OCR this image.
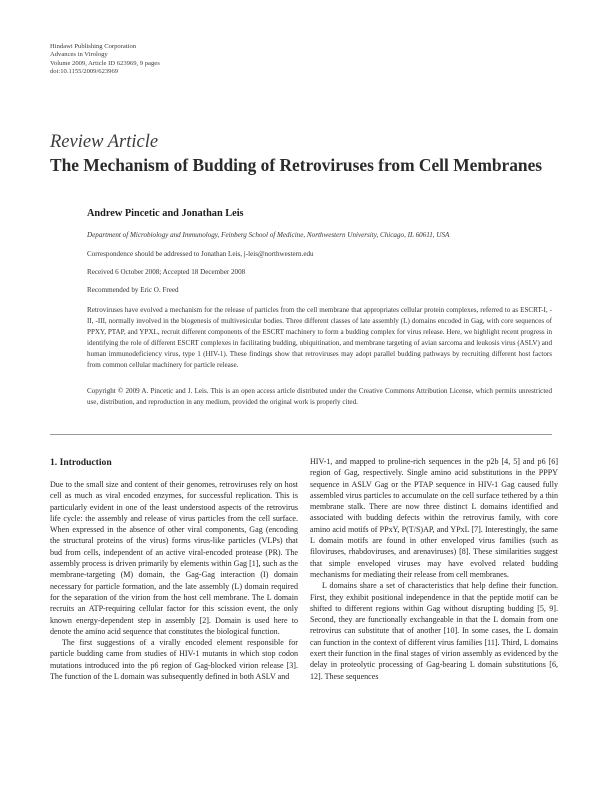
Hindawi Publishing Corporation
Advances in Virology
Volume 2009, Article ID 623969, 9 pages
doi:10.1155/2009/623969
Review Article
The Mechanism of Budding of Retroviruses from Cell Membranes
Andrew Pincetic and Jonathan Leis
Department of Microbiology and Immunology, Feinberg School of Medicine, Northwestern University, Chicago, IL 60611, USA
Correspondence should be addressed to Jonathan Leis, j-leis@northwestern.edu
Received 6 October 2008; Accepted 18 December 2008
Recommended by Eric O. Freed
Retroviruses have evolved a mechanism for the release of particles from the cell membrane that appropriates cellular protein complexes, referred to as ESCRT-I, -II, -III, normally involved in the biogenesis of multivesicular bodies. Three different classes of late assembly (L) domains encoded in Gag, with core sequences of PPXY, PTAP, and YPXL, recruit different components of the ESCRT machinery to form a budding complex for virus release. Here, we highlight recent progress in identifying the role of different ESCRT complexes in facilitating budding, ubiquitination, and membrane targeting of avian sarcoma and leukosis virus (ASLV) and human immunodeficiency virus, type 1 (HIV-1). These findings show that retroviruses may adopt parallel budding pathways by recruiting different host factors from common cellular machinery for particle release.
Copyright © 2009 A. Pincetic and J. Leis. This is an open access article distributed under the Creative Commons Attribution License, which permits unrestricted use, distribution, and reproduction in any medium, provided the original work is properly cited.
1. Introduction

Due to the small size and content of their genomes, retroviruses rely on host cell as much as viral encoded enzymes, for successful replication. This is particularly evident in one of the least understood aspects of the retrovirus life cycle: the assembly and release of virus particles from the cell surface. When expressed in the absence of other viral components, Gag (encoding the structural proteins of the virus) forms virus-like particles (VLPs) that bud from cells, independent of an active viral-encoded protease (PR). The assembly process is driven primarily by elements within Gag [1], such as the membrane-targeting (M) domain, the Gag-Gag interaction (I) domain necessary for particle formation, and the late assembly (L) domain required for the separation of the virion from the host cell membrane. The L domain recruits an ATP-requiring cellular factor for this scission event, the only known energy-dependent step in assembly [2]. Domain is used here to denote the amino acid sequence that constitutes the biological function.

The first suggestions of a virally encoded element responsible for particle budding came from studies of HIV-1 mutants in which stop codon mutations introduced into the p6 region of Gag-blocked virion release [3]. The function of the L domain was subsequently defined in both ASLV and

HIV-1, and mapped to proline-rich sequences in the p2b [4, 5] and p6 [6] region of Gag, respectively. Single amino acid substitutions in the PPPY sequence in ASLV Gag or the PTAP sequence in HIV-1 Gag caused fully assembled virus particles to accumulate on the cell surface tethered by a thin membrane stalk. There are now three distinct L domains identified and associated with budding defects within the retrovirus family, with core amino acid motifs of PPxY, P(T/S)AP, and YPxL [7]. Interestingly, the same L domain motifs are found in other enveloped virus families (such as filoviruses, rhabdoviruses, and arenaviruses) [8]. These similarities suggest that simple enveloped viruses may have evolved related budding mechanisms for mediating their release from cell membranes.

L domains share a set of characteristics that help define their function. First, they exhibit positional independence in that the peptide motif can be shifted to different regions within Gag without disrupting budding [5, 9]. Second, they are functionally exchangeable in that the L domain from one retrovirus can substitute that of another [10]. In some cases, the L domain can function in the context of different virus families [11]. Third, L domains exert their function in the final stages of virion assembly as evidenced by the delay in proteolytic processing of Gag-bearing L domain substitutions [6, 12]. These sequences
